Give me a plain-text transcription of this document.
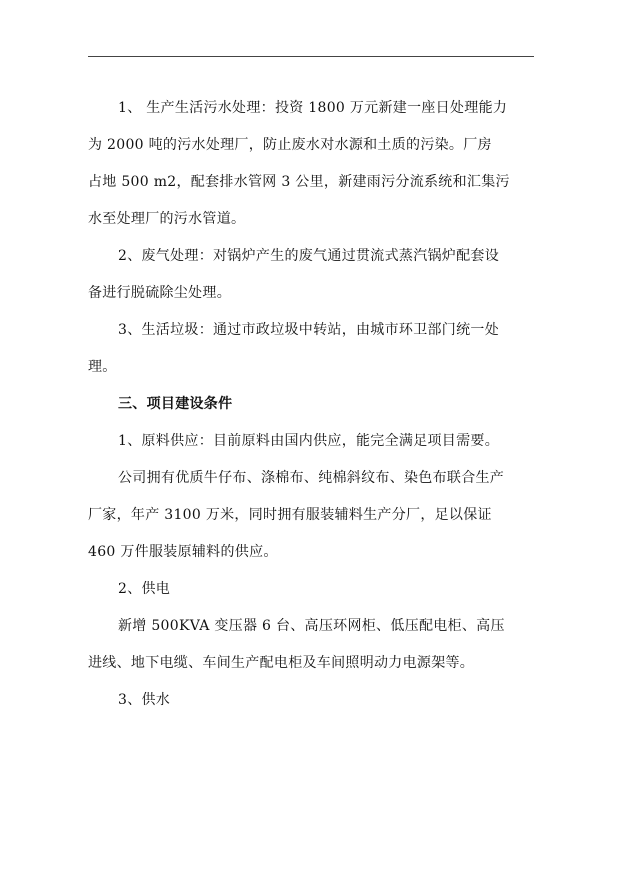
1、 生产生活污水处理：投资 1800 万元新建一座日处理能力
为 2000 吨的污水处理厂，防止废水对水源和土质的污染。厂房
占地 500 m2，配套排水管网 3 公里，新建雨污分流系统和汇集污
水至处理厂的污水管道。
2、废气处理：对锅炉产生的废气通过贯流式蒸汽锅炉配套设
备进行脱硫除尘处理。
3、生活垃圾：通过市政垃圾中转站，由城市环卫部门统一处
理。
三、项目建设条件
1、原料供应：目前原料由国内供应，能完全满足项目需要。
公司拥有优质牛仔布、涤棉布、纯棉斜纹布、染色布联合生产
厂家，年产 3100 万米，同时拥有服装辅料生产分厂，足以保证
460 万件服装原辅料的供应。
2、供电
新增 500KVA 变压器 6 台、高压环网柜、低压配电柜、高压
进线、地下电缆、车间生产配电柜及车间照明动力电源架等。
3、供水
